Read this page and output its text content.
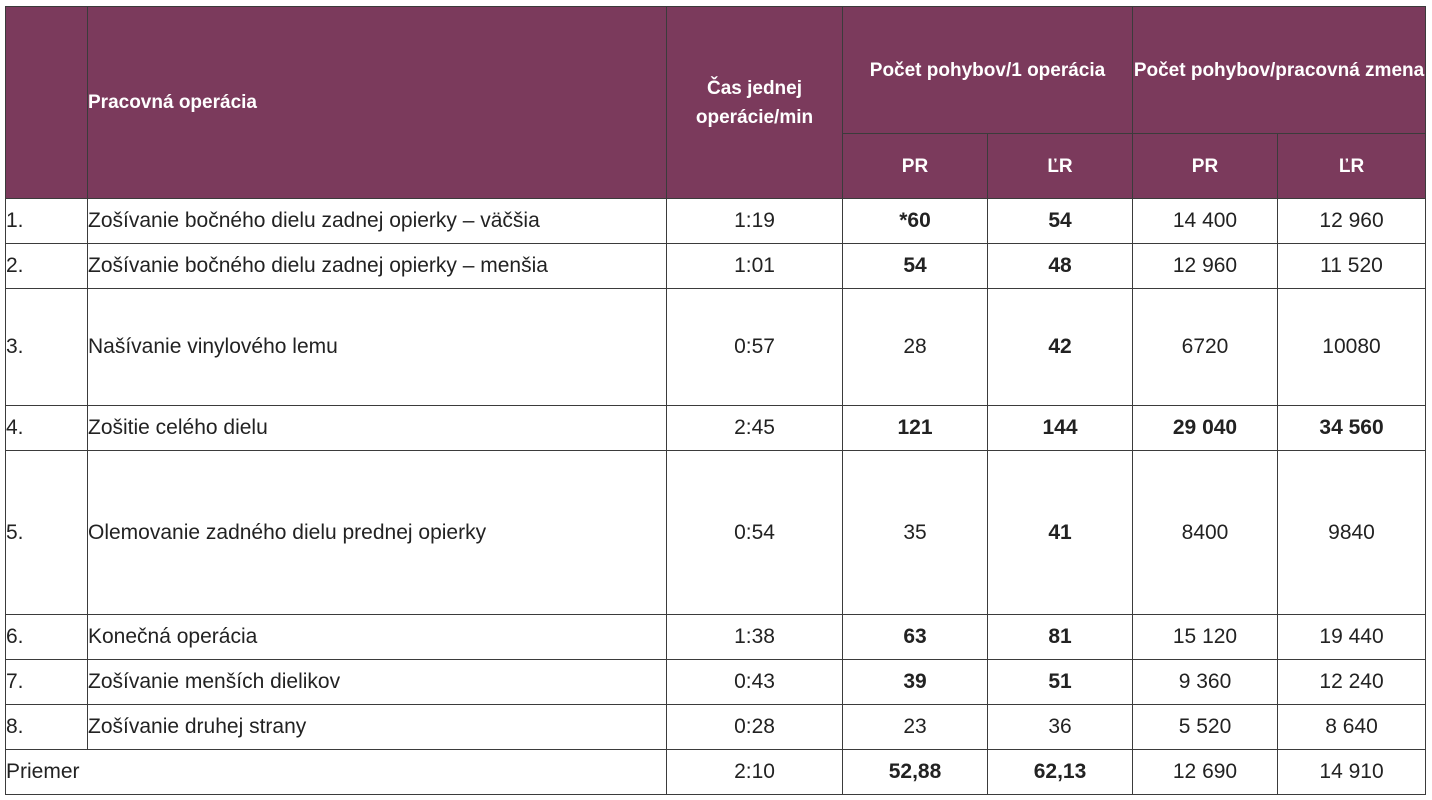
	Pracovná operácia	Čas jednej operácie/min	Počet pohybov/1 operácia		Počet pohybov/pracovná zmena	
			PR	ĽR	PR	ĽR
1.	Zošívanie bočného dielu zadnej opierky – väčšia	1:19	*60	54	14 400	12 960
2.	Zošívanie bočného dielu zadnej opierky – menšia	1:01	54	48	12 960	11 520
3.	Našívanie vinylového lemu	0:57	28	42	6720	10080
4.	Zošitie celého dielu	2:45	121	144	29 040	34 560
5.	Olemovanie zadného dielu prednej opierky	0:54	35	41	8400	9840
6.	Konečná operácia	1:38	63	81	15 120	19 440
7.	Zošívanie menších dielikov	0:43	39	51	9 360	12 240
8.	Zošívanie druhej strany	0:28	23	36	5 520	8 640
Priemer		2:10	52,88	62,13	12 690	14 910
